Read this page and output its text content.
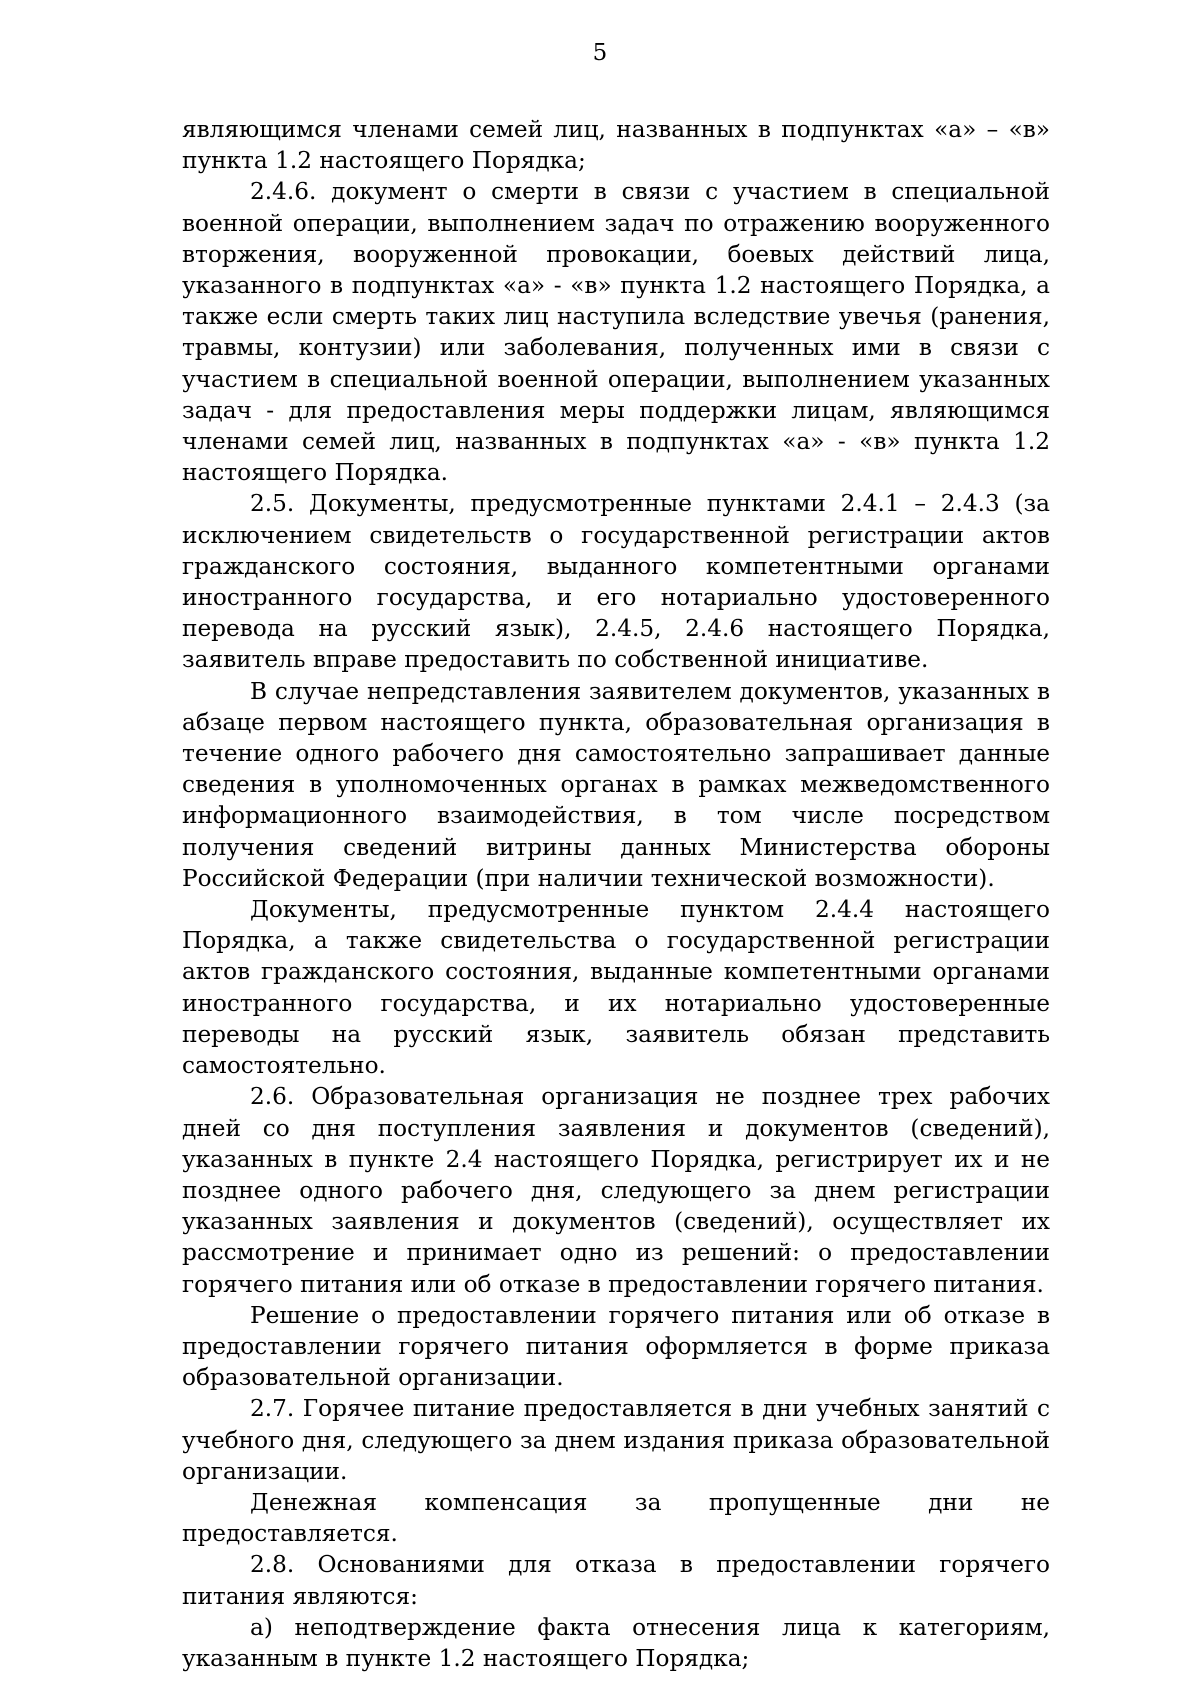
5

являющимся членами семей лиц, названных в подпунктах «а» – «в» пункта 1.2 настоящего Порядка;

2.4.6. документ о смерти в связи с участием в специальной военной операции, выполнением задач по отражению вооруженного вторжения, вооруженной провокации, боевых действий лица, указанного в подпунктах «а» - «в» пункта 1.2 настоящего Порядка, а также если смерть таких лиц наступила вследствие увечья (ранения, травмы, контузии) или заболевания, полученных ими в связи с участием в специальной военной операции, выполнением указанных задач - для предоставления меры поддержки лицам, являющимся членами семей лиц, названных в подпунктах «а» - «в» пункта 1.2 настоящего Порядка.

2.5. Документы, предусмотренные пунктами 2.4.1 – 2.4.3 (за исключением свидетельств о государственной регистрации актов гражданского состояния, выданного компетентными органами иностранного государства, и его нотариально удостоверенного перевода на русский язык), 2.4.5, 2.4.6 настоящего Порядка, заявитель вправе предоставить по собственной инициативе.

В случае непредставления заявителем документов, указанных в абзаце первом настоящего пункта, образовательная организация в течение одного рабочего дня самостоятельно запрашивает данные сведения в уполномоченных органах в рамках межведомственного информационного взаимодействия, в том числе посредством получения сведений витрины данных Министерства обороны Российской Федерации (при наличии технической возможности).

Документы, предусмотренные пунктом 2.4.4 настоящего Порядка, а также свидетельства о государственной регистрации актов гражданского состояния, выданные компетентными органами иностранного государства, и их нотариально удостоверенные переводы на русский язык, заявитель обязан представить самостоятельно.

2.6. Образовательная организация не позднее трех рабочих дней со дня поступления заявления и документов (сведений), указанных в пункте 2.4 настоящего Порядка, регистрирует их и не позднее одного рабочего дня, следующего за днем регистрации указанных заявления и документов (сведений), осуществляет их рассмотрение и принимает одно из решений: о предоставлении горячего питания или об отказе в предоставлении горячего питания.

Решение о предоставлении горячего питания или об отказе в предоставлении горячего питания оформляется в форме приказа образовательной организации.

2.7. Горячее питание предоставляется в дни учебных занятий с учебного дня, следующего за днем издания приказа образовательной организации.

Денежная компенсация за пропущенные дни не предоставляется.

2.8. Основаниями для отказа в предоставлении горячего питания являются:

а) неподтверждение факта отнесения лица к категориям, указанным в пункте 1.2 настоящего Порядка;
